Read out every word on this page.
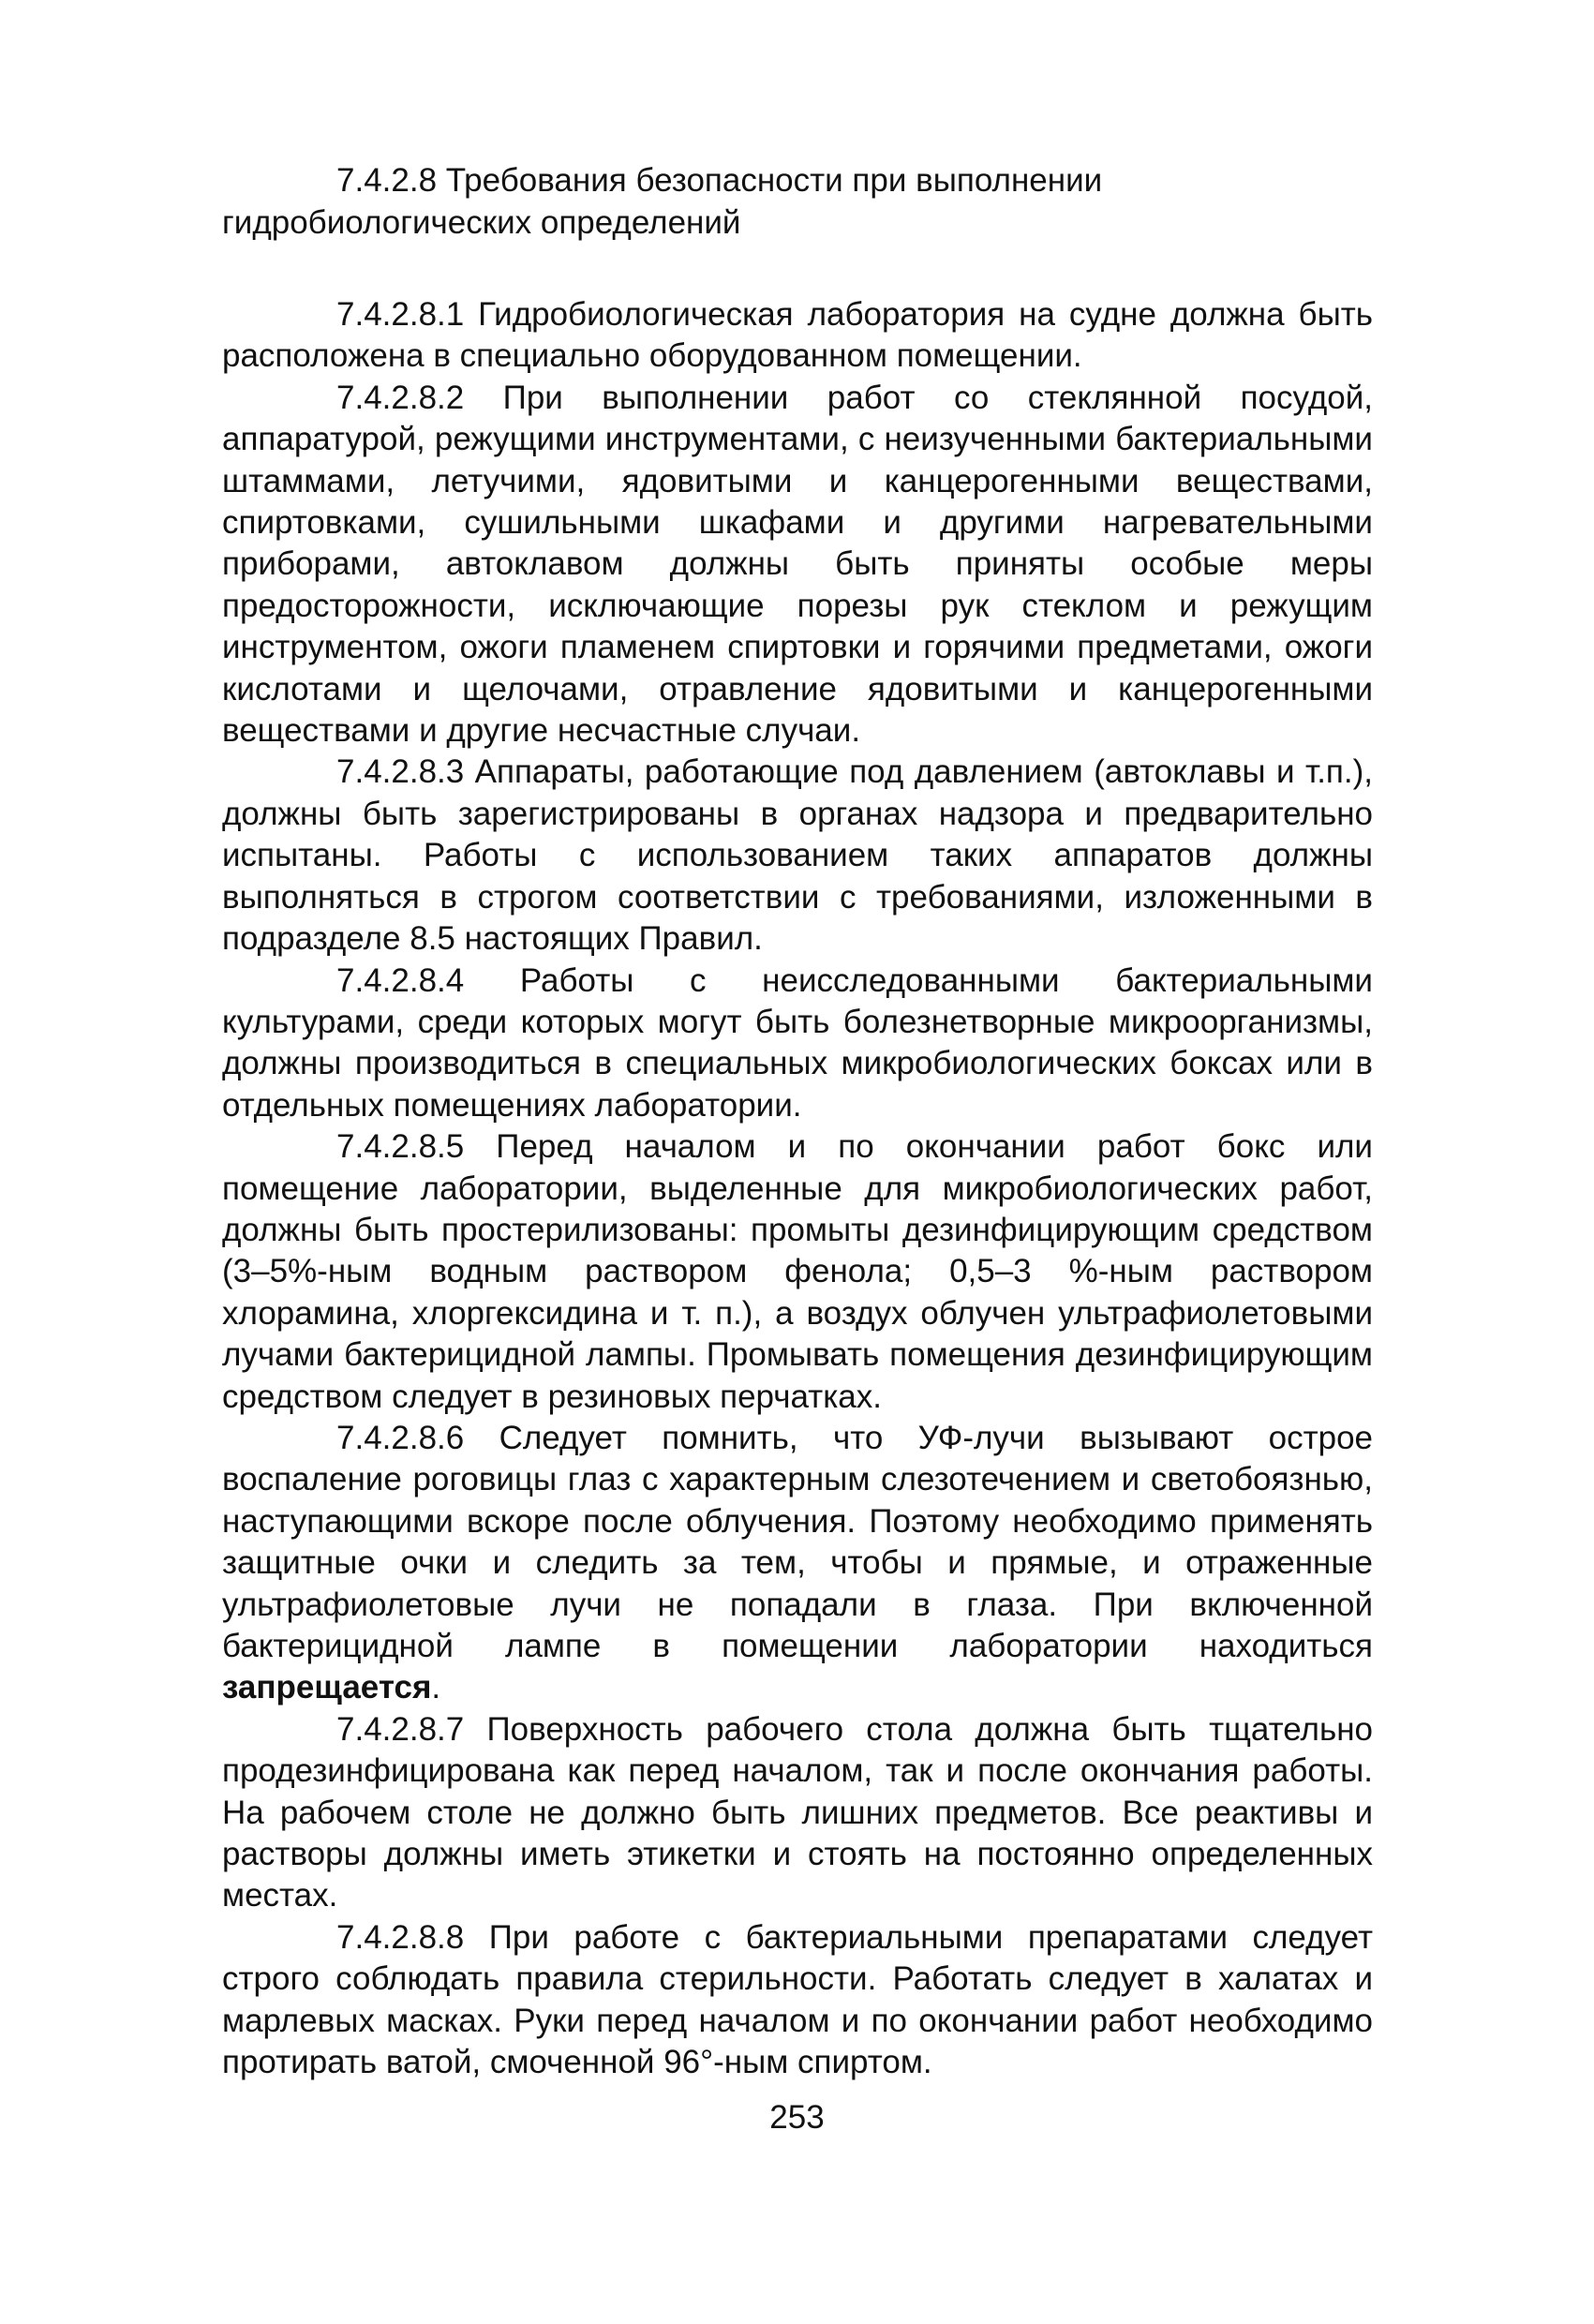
7.4.2.8 Требования безопасности при выполнении гидробиологических определений

7.4.2.8.1 Гидробиологическая лаборатория на судне должна быть расположена в специально оборудованном помещении.

7.4.2.8.2 При выполнении работ со стеклянной посудой, аппаратурой, режущими инструментами, с неизученными бактериальными штаммами, летучими, ядовитыми и канцерогенными веществами, спиртовками, сушильными шкафами и другими нагревательными приборами, автоклавом должны быть приняты особые меры предосторожности, исключающие порезы рук стеклом и режущим инструментом, ожоги пламенем спиртовки и горячими предметами, ожоги кислотами и щелочами, отравление ядовитыми и канцерогенными веществами и другие несчастные случаи.

7.4.2.8.3 Аппараты, работающие под давлением (автоклавы и т.п.), должны быть зарегистрированы в органах надзора и предварительно испытаны. Работы с использованием таких аппаратов должны выполняться в строгом соответствии с требованиями, изложенными в подразделе 8.5 настоящих Правил.

7.4.2.8.4 Работы с неисследованными бактериальными культурами, среди которых могут быть болезнетворные микроорганизмы, должны производиться в специальных микробиологических боксах или в отдельных помещениях лаборатории.

7.4.2.8.5 Перед началом и по окончании работ бокс или помещение лаборатории, выделенные для микробиологических работ, должны быть простерилизованы: промыты дезинфицирующим средством (3–5%-ным водным раствором фенола; 0,5–3 %-ным раствором хлорамина, хлоргексидина и т. п.), а воздух облучен ультрафиолетовыми лучами бактерицидной лампы. Промывать помещения дезинфицирующим средством следует в резиновых перчатках.

7.4.2.8.6 Следует помнить, что УФ-лучи вызывают острое воспаление роговицы глаз с характерным слезотечением и светобоязнью, наступающими вскоре после облучения. Поэтому необходимо применять защитные очки и следить за тем, чтобы и прямые, и отраженные ультрафиолетовые лучи не попадали в глаза. При включенной бактерицидной лампе в помещении лаборатории находиться запрещается.

7.4.2.8.7 Поверхность рабочего стола должна быть тщательно продезинфицирована как перед началом, так и после окончания работы. На рабочем столе не должно быть лишних предметов. Все реактивы и растворы должны иметь этикетки и стоять на постоянно определенных местах.

7.4.2.8.8 При работе с бактериальными препаратами следует строго соблюдать правила стерильности. Работать следует в халатах и марлевых масках. Руки перед началом и по окончании работ необходимо протирать ватой, смоченной 96°-ным спиртом.

253
